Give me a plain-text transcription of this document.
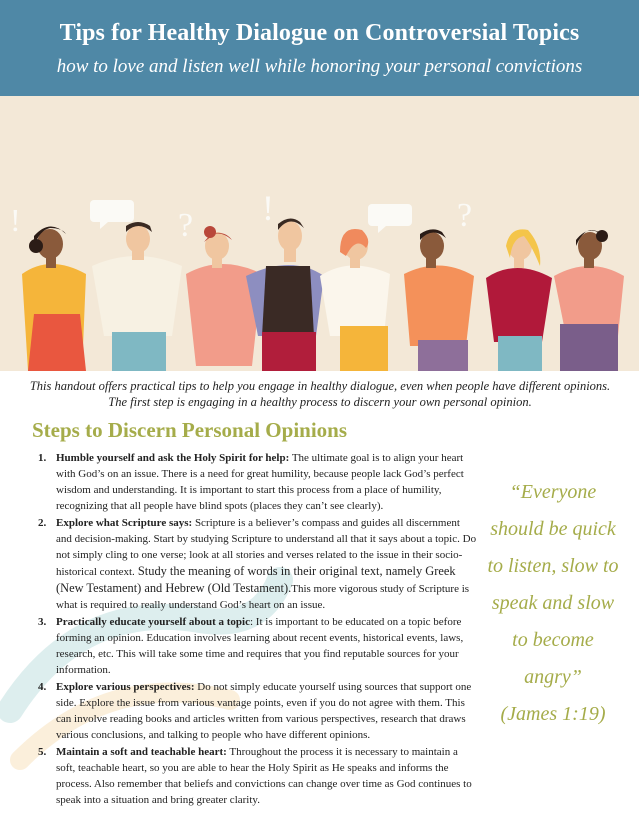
Tips for Healthy Dialogue on Controversial Topics
how to love and listen well while honoring your personal convictions
?	?
!
!
This handout offers practical tips to help you engage in healthy dialogue, even when people have different opinions. The first step is engaging in a healthy process to discern your own personal opinion.
Steps to Discern Personal Opinions
1. Humble yourself and ask the Holy Spirit for help: The ultimate goal is to align your heart with God’s on an issue. There is a need for great humility, because people lack God’s perfect wisdom and understanding. It is important to start this process from a place of humility, recognizing that all people have blind spots (places they can’t see clearly).
2. Explore what Scripture says: Scripture is a believer’s compass and guides all discernment and decision-making. Start by studying Scripture to understand all that it says about a topic. Do not simply cling to one verse; look at all stories and verses related to the issue in their socio-historical context. Study the meaning of words in their original text, namely Greek (New Testament) and Hebrew (Old Testament).This more vigorous study of Scripture is what is required to really understand God’s heart on an issue.
3. Practically educate yourself about a topic: It is important to be educated on a topic before forming an opinion. Education involves learning about recent events, historical events, laws, research, etc. This will take some time and requires that you find reputable sources for your information.
4. Explore various perspectives: Do not simply educate yourself using sources that support one side. Explore the issue from various vantage points, even if you do not agree with them. This can involve reading books and articles written from various perspectives, research that draws various conclusions, and talking to people who have different opinions.
5. Maintain a soft and teachable heart: Throughout the process it is necessary to maintain a soft, teachable heart, so you are able to hear the Holy Spirit as He speaks and informs the process. Also remember that beliefs and convictions can change over time as God continues to speak into a situation and bring greater clarity.
“Everyone should be quick to listen, slow to speak and slow to become angry”
(James 1:19)
